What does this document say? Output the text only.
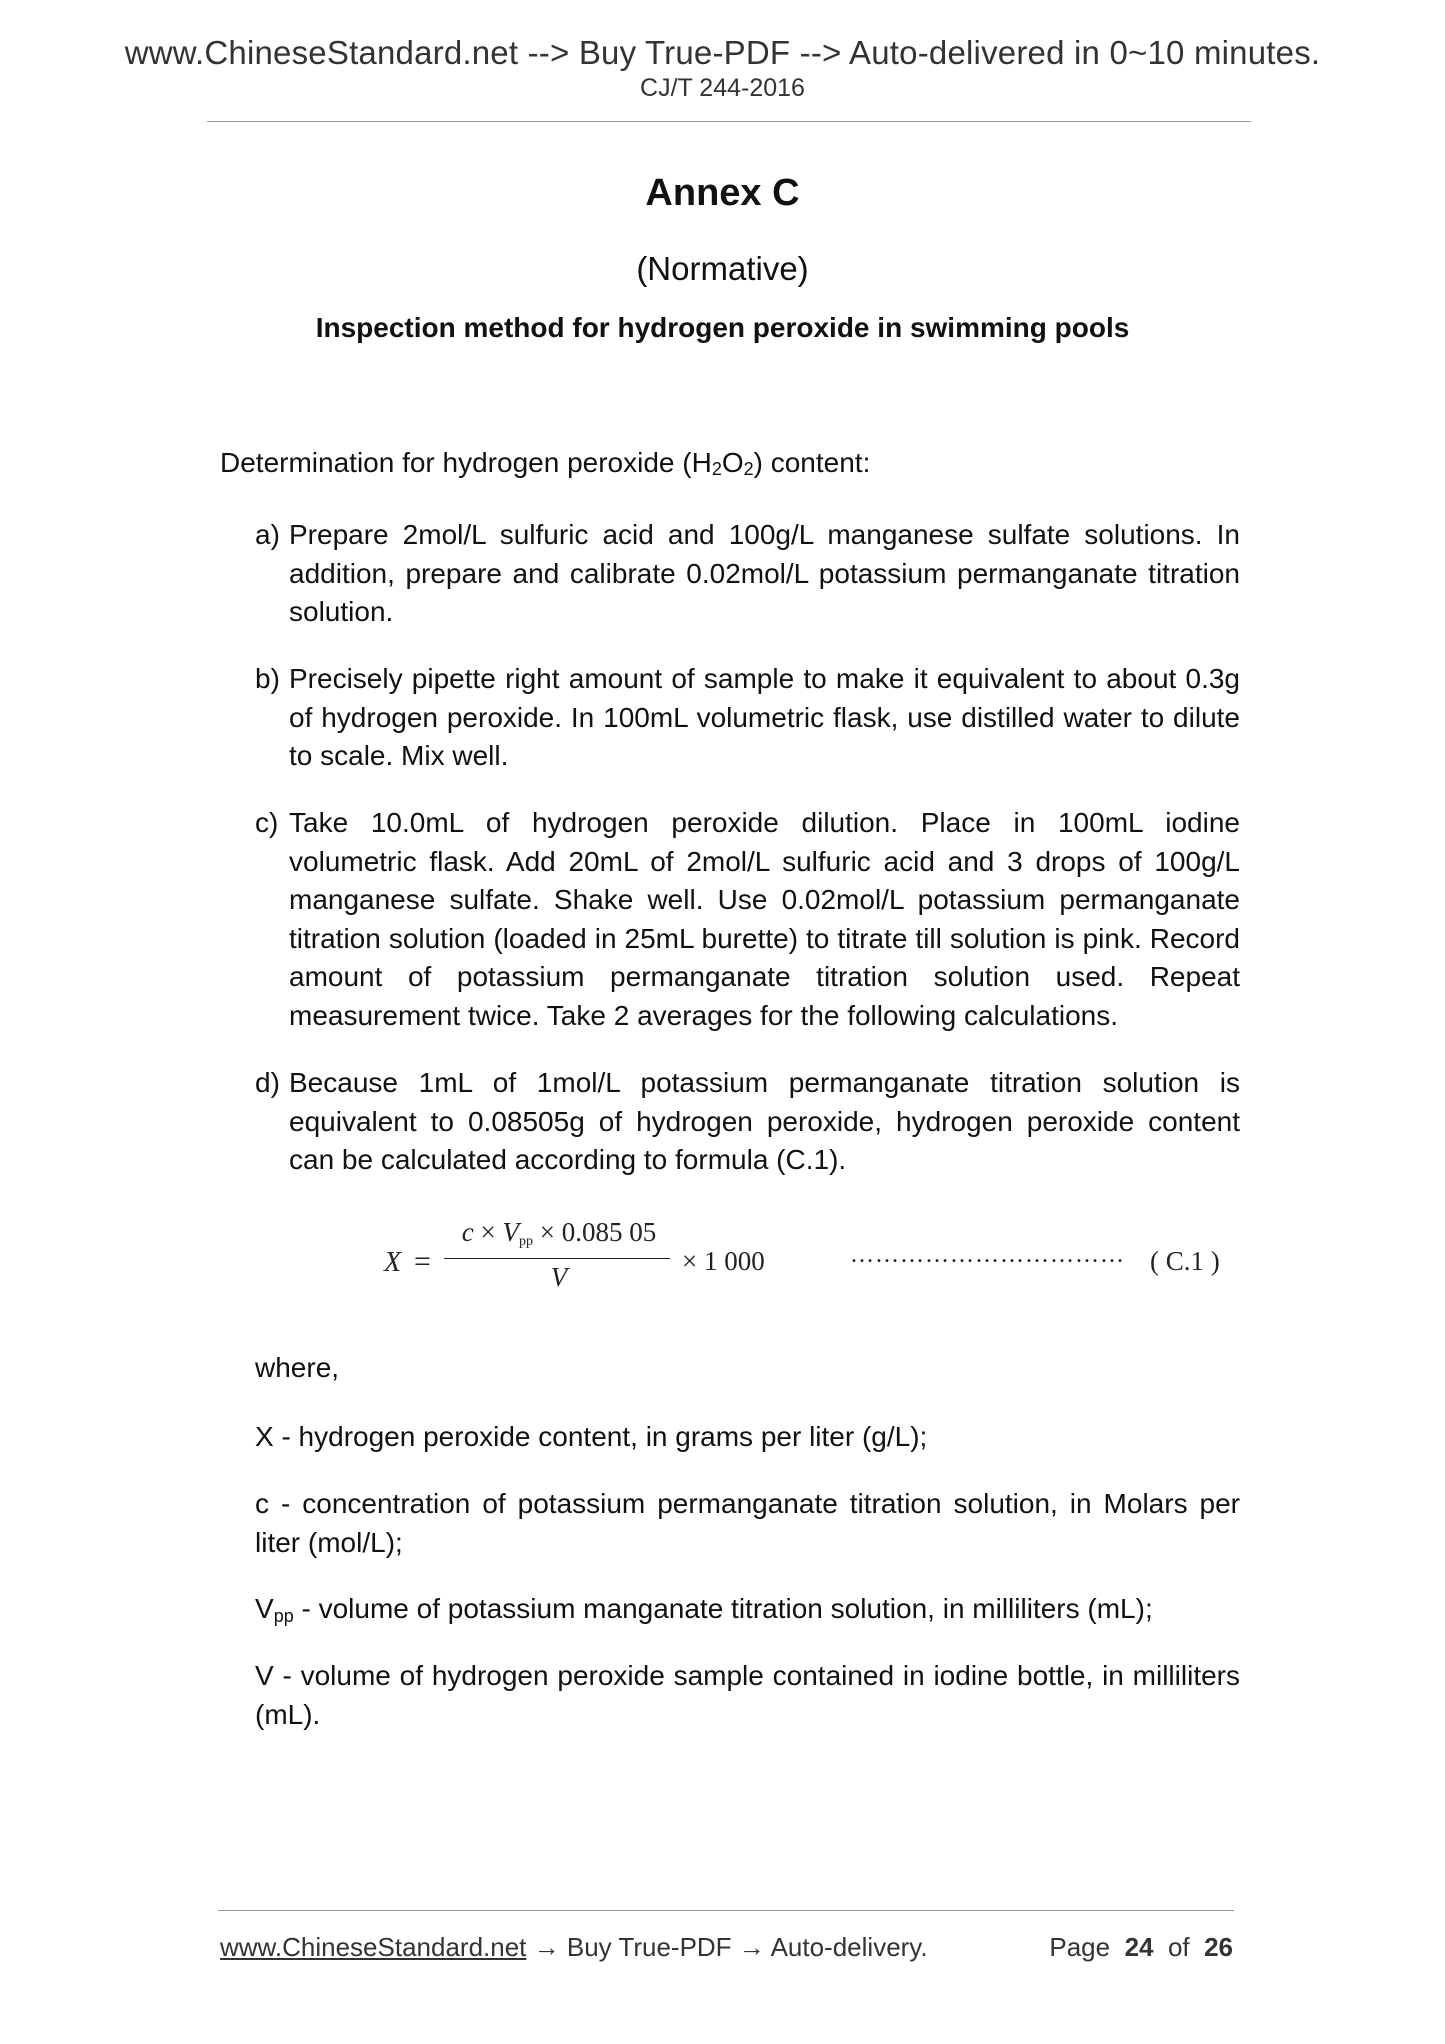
www.ChineseStandard.net --> Buy True-PDF --> Auto-delivered in 0~10 minutes.
CJ/T 244-2016
Annex C
(Normative)
Inspection method for hydrogen peroxide in swimming pools
Determination for hydrogen peroxide $(H_2O_2)$ content:
a) Prepare 2mol/L sulfuric acid and 100g/L manganese sulfate solutions. In addition, prepare and calibrate 0.02mol/L potassium permanganate titration solution.
b) Precisely pipette right amount of sample to make it equivalent to about 0.3g of hydrogen peroxide. In 100mL volumetric flask, use distilled water to dilute to scale. Mix well.
c) Take 10.0mL of hydrogen peroxide dilution. Place in 100mL iodine volumetric flask. Add 20mL of 2mol/L sulfuric acid and 3 drops of 100g/L manganese sulfate. Shake well. Use 0.02mol/L potassium permanganate titration solution (loaded in 25mL burette) to titrate till solution is pink. Record amount of potassium permanganate titration solution used. Repeat measurement twice. Take 2 averages for the following calculations.
d) Because 1mL of 1mol/L potassium permanganate titration solution is equivalent to 0.08505g of hydrogen peroxide, hydrogen peroxide content can be calculated according to formula (C.1).
X =
$c \times V_{pp} \times 0.085$ 05
V
× 1 000	…………………………… ( C.1 )
where,
X - hydrogen peroxide content, in grams per liter (g/L);
c - concentration of potassium permanganate titration solution, in Molars per liter (mol/L);
$V_{pp}$ - volume of potassium manganate titration solution, in milliliters (mL);
V - volume of hydrogen peroxide sample contained in iodine bottle, in milliliters (mL).
www.ChineseStandard.net → Buy True-PDF → Auto-delivery.	Page 24 of 26
